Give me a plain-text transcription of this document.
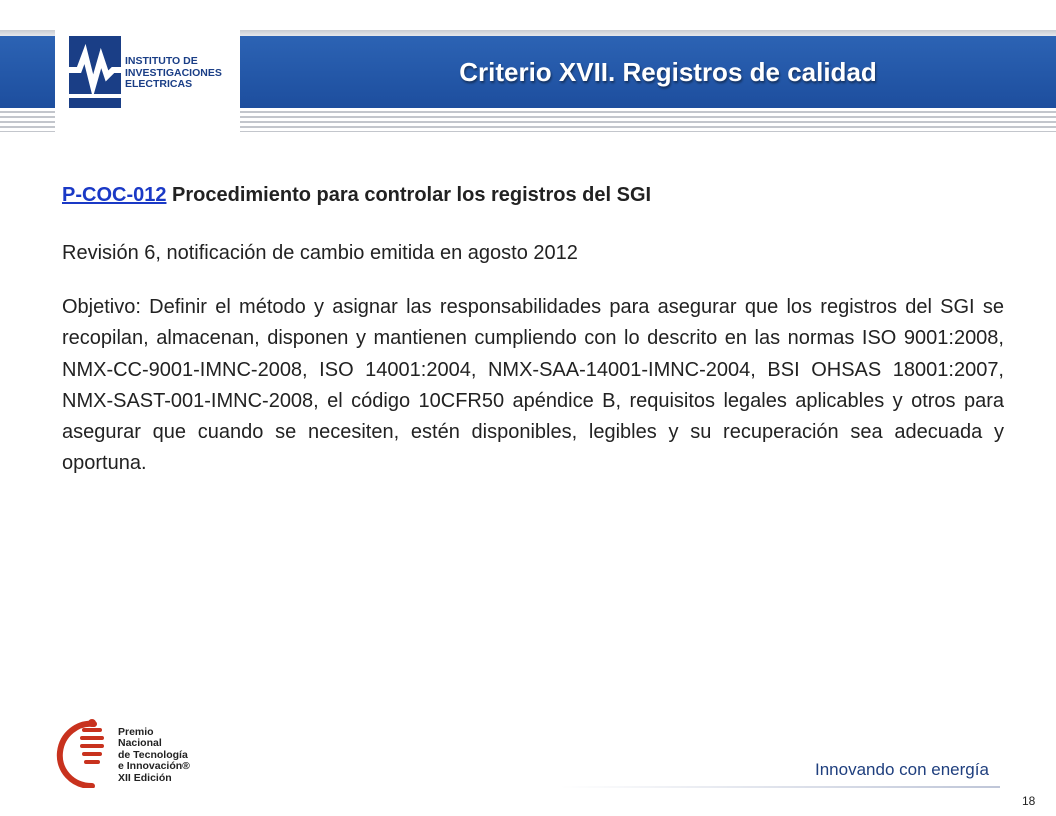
INSTITUTO DE
INVESTIGACIONES
ELECTRICAS	Criterio XVII. Registros de calidad
P-COC-012 Procedimiento para controlar los registros del SGI
Revisión 6, notificación de cambio emitida en agosto 2012
Objetivo: Definir el método y asignar las responsabilidades para asegurar que los registros del SGI se recopilan, almacenan, disponen y mantienen cumpliendo con lo descrito en las normas ISO 9001:2008, NMX-CC-9001-IMNC-2008, ISO 14001:2004, NMX-SAA-14001-IMNC-2004, BSI OHSAS 18001:2007, NMX-SAST-001-IMNC-2008, el código 10CFR50 apéndice B, requisitos legales aplicables y otros para asegurar que cuando se necesiten, estén disponibles, legibles y su recuperación sea adecuada y oportuna.
Premio
Nacional
de Tecnología
e Innovación®
XII Edición	Innovando con energía
18
